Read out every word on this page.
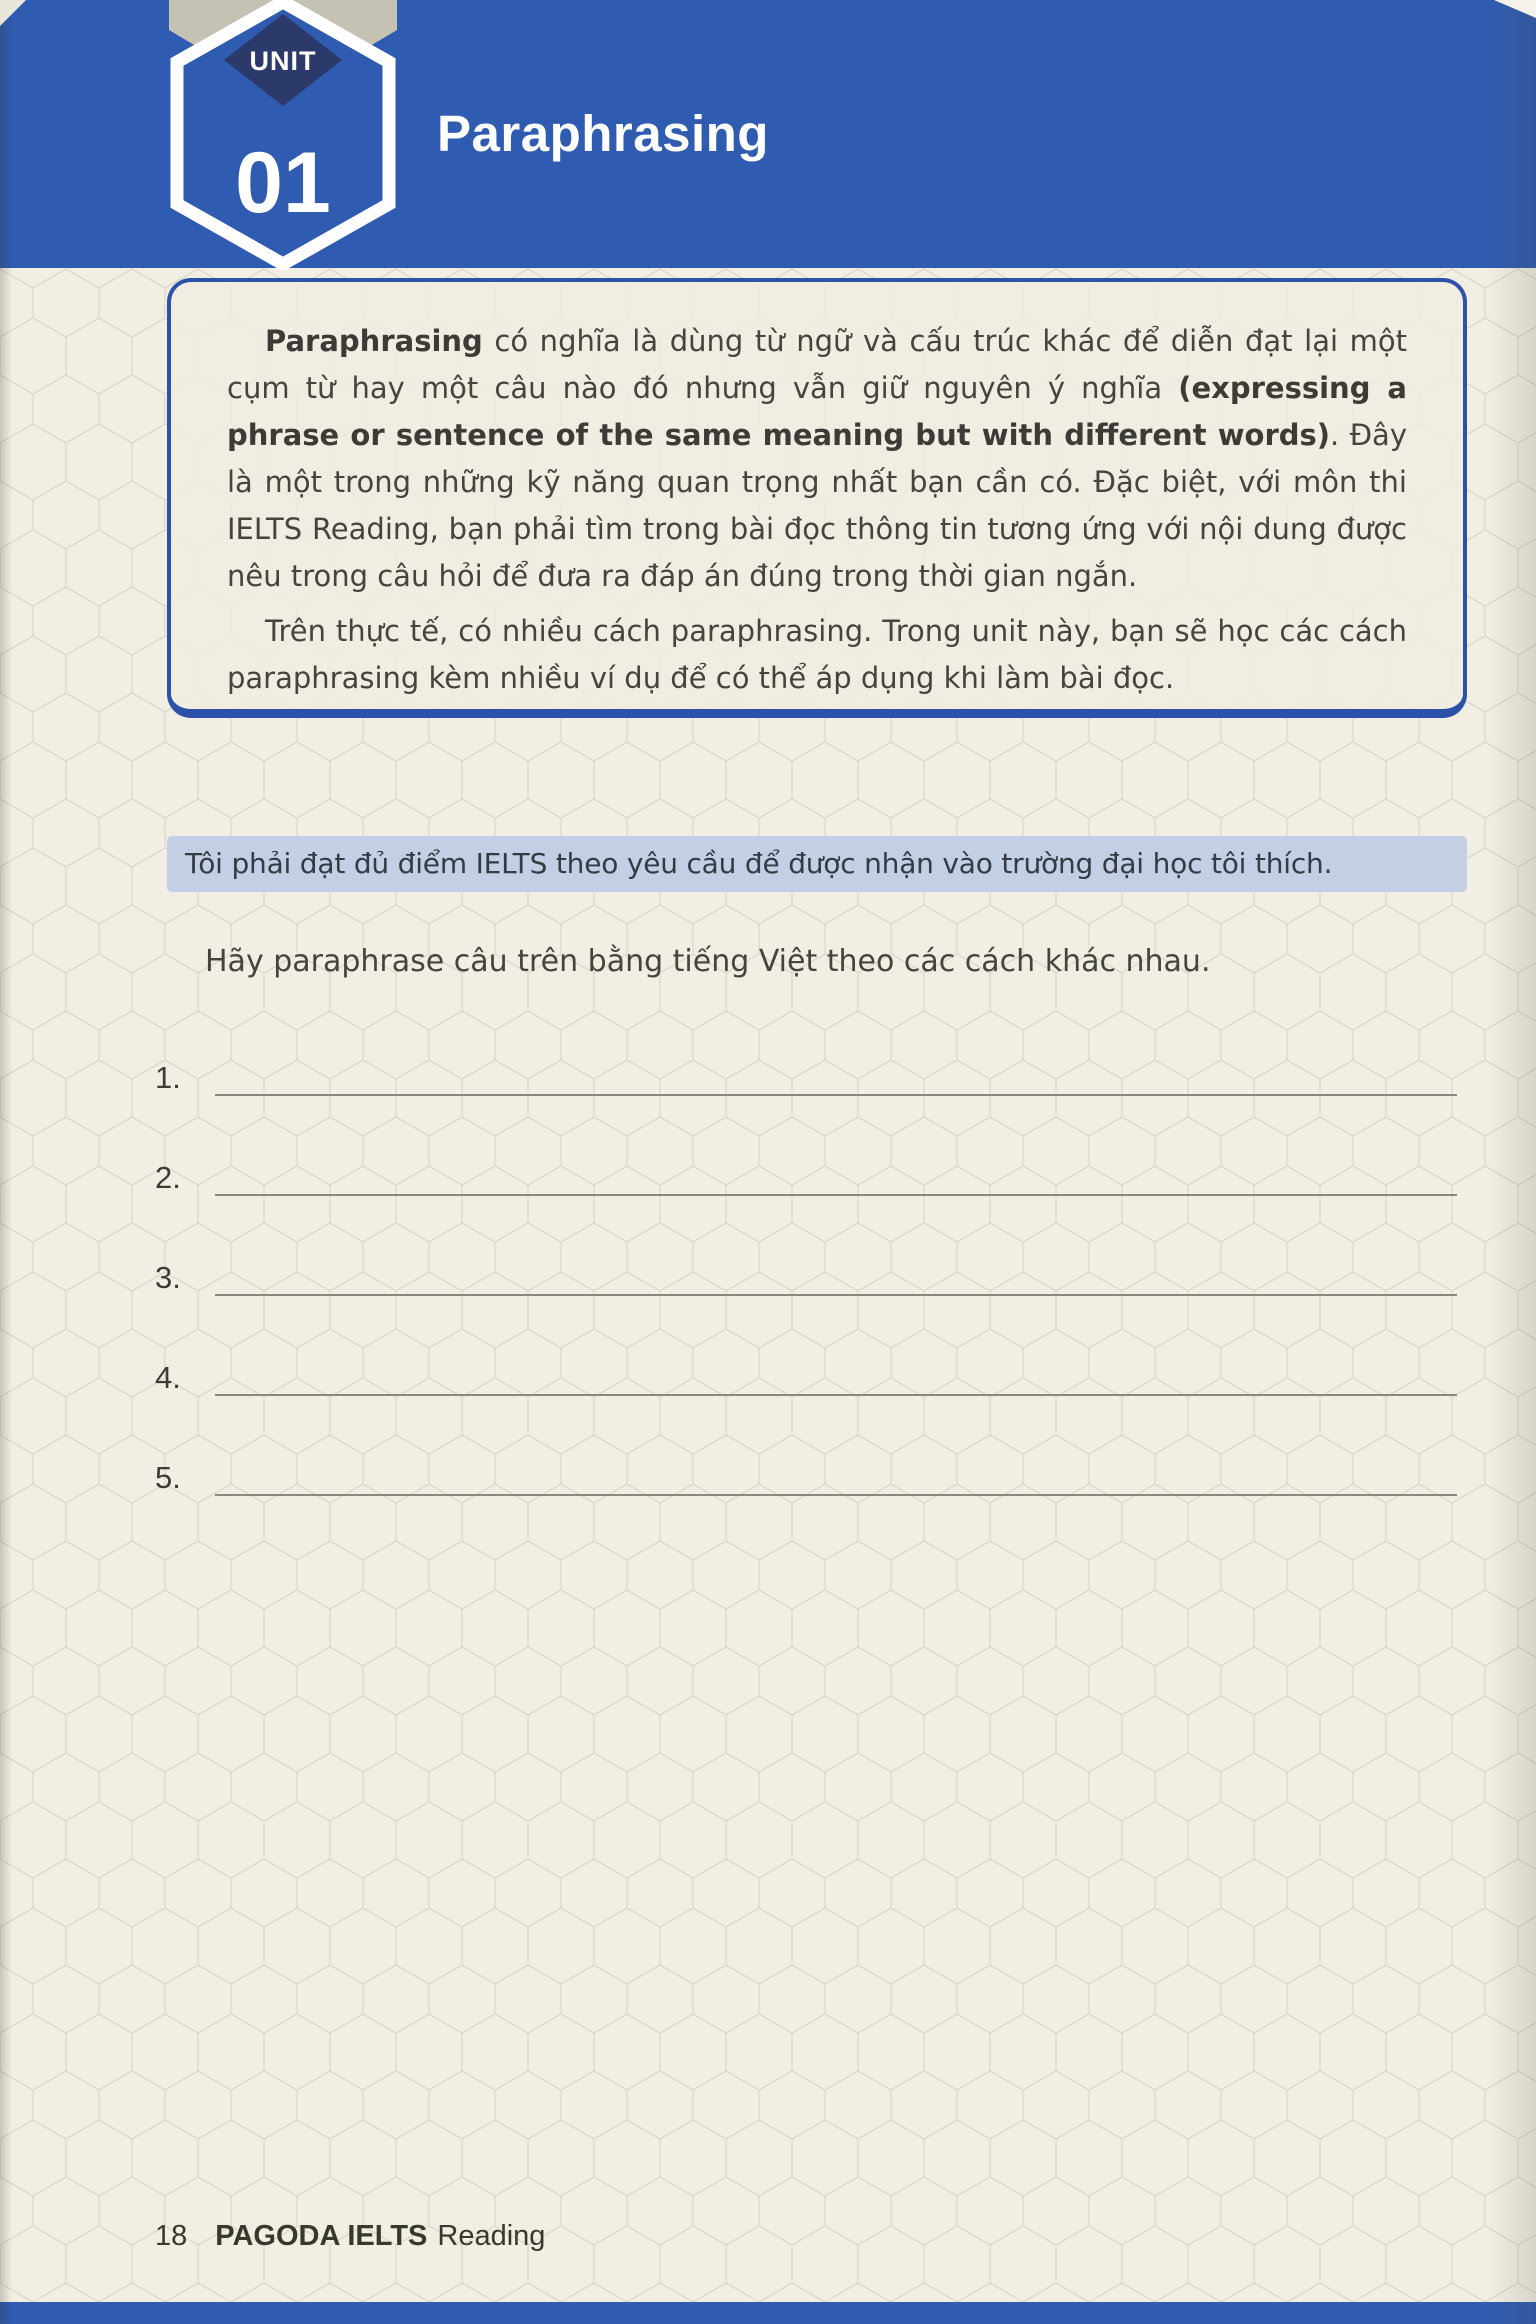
UNIT
01
Paraphrasing

Paraphrasing có nghĩa là dùng từ ngữ và cấu trúc khác để diễn đạt lại một cụm từ hay một câu nào đó nhưng vẫn giữ nguyên ý nghĩa (expressing a phrase or sentence of the same meaning but with different words). Đây là một trong những kỹ năng quan trọng nhất bạn cần có. Đặc biệt, với môn thi IELTS Reading, bạn phải tìm trong bài đọc thông tin tương ứng với nội dung được nêu trong câu hỏi để đưa ra đáp án đúng trong thời gian ngắn.

Trên thực tế, có nhiều cách paraphrasing. Trong unit này, bạn sẽ học các cách paraphrasing kèm nhiều ví dụ để có thể áp dụng khi làm bài đọc.

Tôi phải đạt đủ điểm IELTS theo yêu cầu để được nhận vào trường đại học tôi thích.

Hãy paraphrase câu trên bằng tiếng Việt theo các cách khác nhau.

1.
2.
3.
4.
5.
18 PAGODA IELTS Reading
